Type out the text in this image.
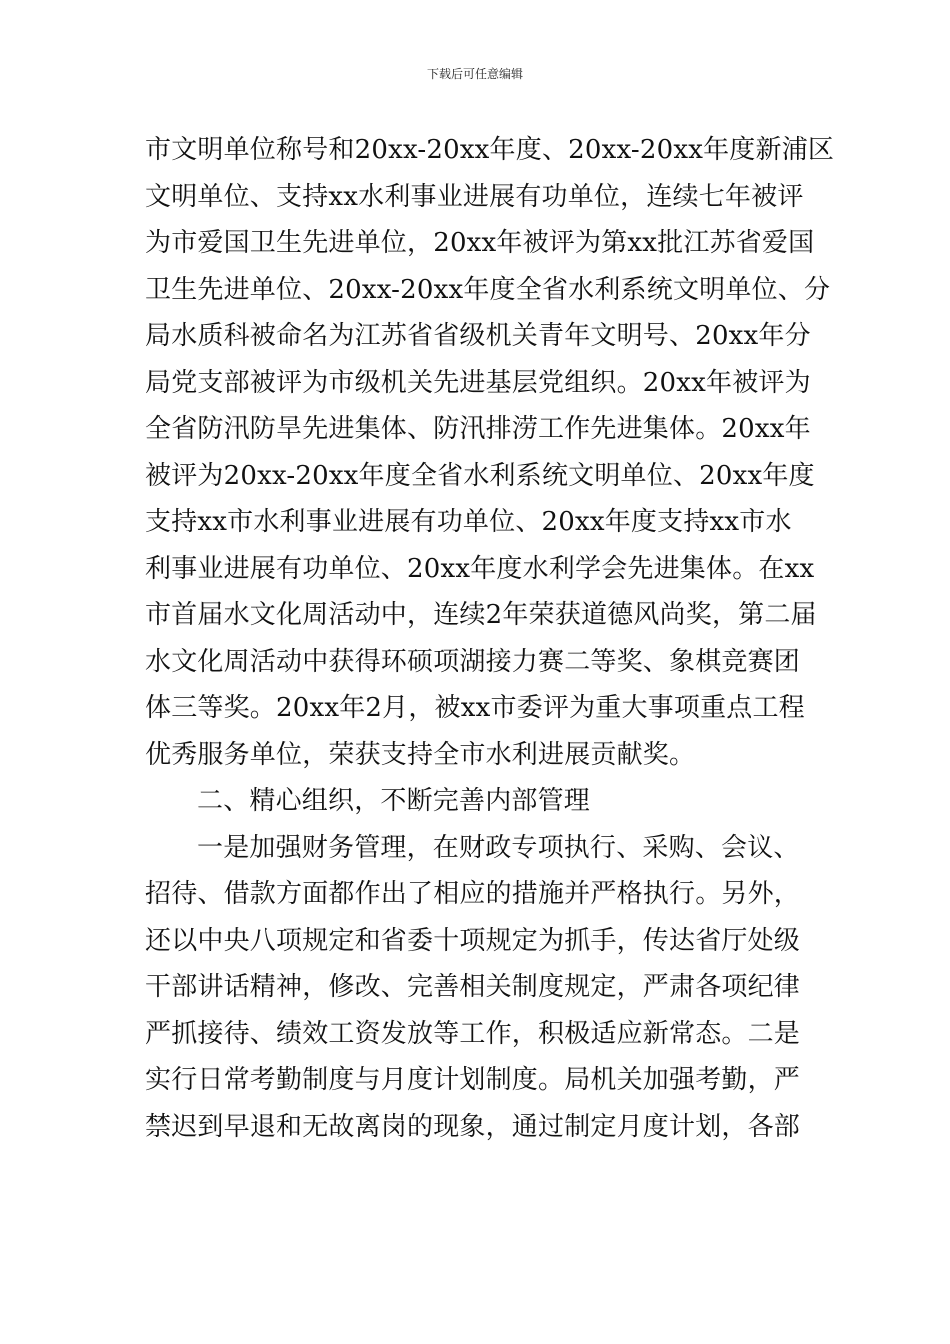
下载后可任意编辑
市文明单位称号和20xx-20xx年度、20xx-20xx年度新浦区
文明单位、支持xx水利事业进展有功单位，连续七年被评
为市爱国卫生先进单位，20xx年被评为第xx批江苏省爱国
卫生先进单位、20xx-20xx年度全省水利系统文明单位、分
局水质科被命名为江苏省省级机关青年文明号、20xx年分
局党支部被评为市级机关先进基层党组织。20xx年被评为
全省防汛防旱先进集体、防汛排涝工作先进集体。20xx年
被评为20xx-20xx年度全省水利系统文明单位、20xx年度
支持xx市水利事业进展有功单位、20xx年度支持xx市水
利事业进展有功单位、20xx年度水利学会先进集体。在xx
市首届水文化周活动中，连续2年荣获道德风尚奖，第二届
水文化周活动中获得环硕项湖接力赛二等奖、象棋竞赛团
体三等奖。20xx年2月，被xx市委评为重大事项重点工程
优秀服务单位，荣获支持全市水利进展贡献奖。
二、精心组织，不断完善内部管理
一是加强财务管理，在财政专项执行、采购、会议、
招待、借款方面都作出了相应的措施并严格执行。另外，
还以中央八项规定和省委十项规定为抓手，传达省厅处级
干部讲话精神，修改、完善相关制度规定，严肃各项纪律
严抓接待、绩效工资发放等工作，积极适应新常态。二是
实行日常考勤制度与月度计划制度。局机关加强考勤，严
禁迟到早退和无故离岗的现象，通过制定月度计划，各部
